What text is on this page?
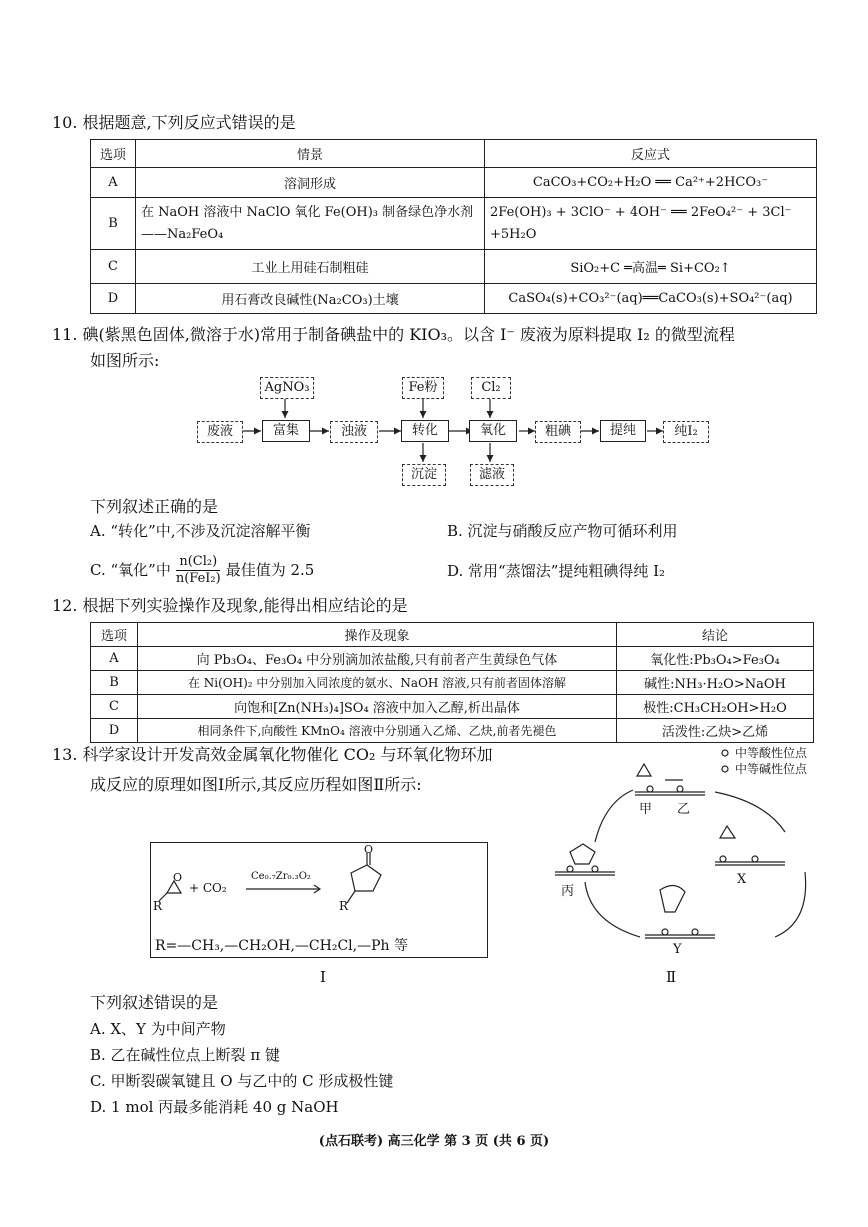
10. 根据题意,下列反应式错误的是
选项	情景	反应式
A	溶洞形成	CaCO₃+CO₂+H₂O ══ Ca²⁺+2HCO₃⁻
B	在 NaOH 溶液中 NaClO 氧化 Fe(OH)₃ 制备绿色净水剂——Na₂FeO₄	2Fe(OH)₃ + 3ClO⁻ + 4OH⁻ ══ 2FeO₄²⁻ + 3Cl⁻ +5H₂O
C	工业上用硅石制粗硅	SiO₂+C ═高温═ Si+CO₂↑
D	用石膏改良碱性(Na₂CO₃)土壤	CaSO₄(s)+CO₃²⁻(aq)══CaCO₃(s)+SO₄²⁻(aq)
11. 碘(紫黑色固体,微溶于水)常用于制备碘盐中的 KIO₃。以含 I⁻ 废液为原料提取 I₂ 的微型流程
如图所示:
AgNO₃	Fe粉	Cl₂
废液	富集	浊液	转化	氧化	粗碘	提纯	纯I₂
沉淀	滤液
下列叙述正确的是
A. “转化”中,不涉及沉淀溶解平衡	B. 沉淀与硝酸反应产物可循环利用
C. “氧化”中 n(Cl₂)
n(FeI₂) 最佳值为 2.5	D. 常用“蒸馏法”提纯粗碘得纯 I₂
12. 根据下列实验操作及现象,能得出相应结论的是
选项	操作及现象	结论
A	向 Pb₃O₄、Fe₃O₄ 中分别滴加浓盐酸,只有前者产生黄绿色气体	氧化性:Pb₃O₄>Fe₃O₄
B	在 Ni(OH)₂ 中分别加入同浓度的氨水、NaOH 溶液,只有前者固体溶解	碱性:NH₃·H₂O>NaOH
C	向饱和[Zn(NH₃)₄]SO₄ 溶液中加入乙醇,析出晶体	极性:CH₃CH₂OH>H₂O
D	相同条件下,向酸性 KMnO₄ 溶液中分别通入乙烯、乙炔,前者先褪色	活泼性:乙炔>乙烯
13. 科学家设计开发高效金属氧化物催化 CO₂ 与环氧化物环加
成反应的原理如图Ⅰ所示,其反应历程如图Ⅱ所示:
O
R
+ CO₂
Ce₀.₇Zr₀.₃O₂
O
R
R=—CH₃,—CH₂OH,—CH₂Cl,—Ph 等
Ⅰ
中等酸性位点
中等碱性位点
甲 乙
丙
X
Y
Ⅱ
下列叙述错误的是
A. X、Y 为中间产物
B. 乙在碱性位点上断裂 π 键
C. 甲断裂碳氧键且 O 与乙中的 C 形成极性键
D. 1 mol 丙最多能消耗 40 g NaOH
(点石联考) 高三化学 第 3 页 (共 6 页)
